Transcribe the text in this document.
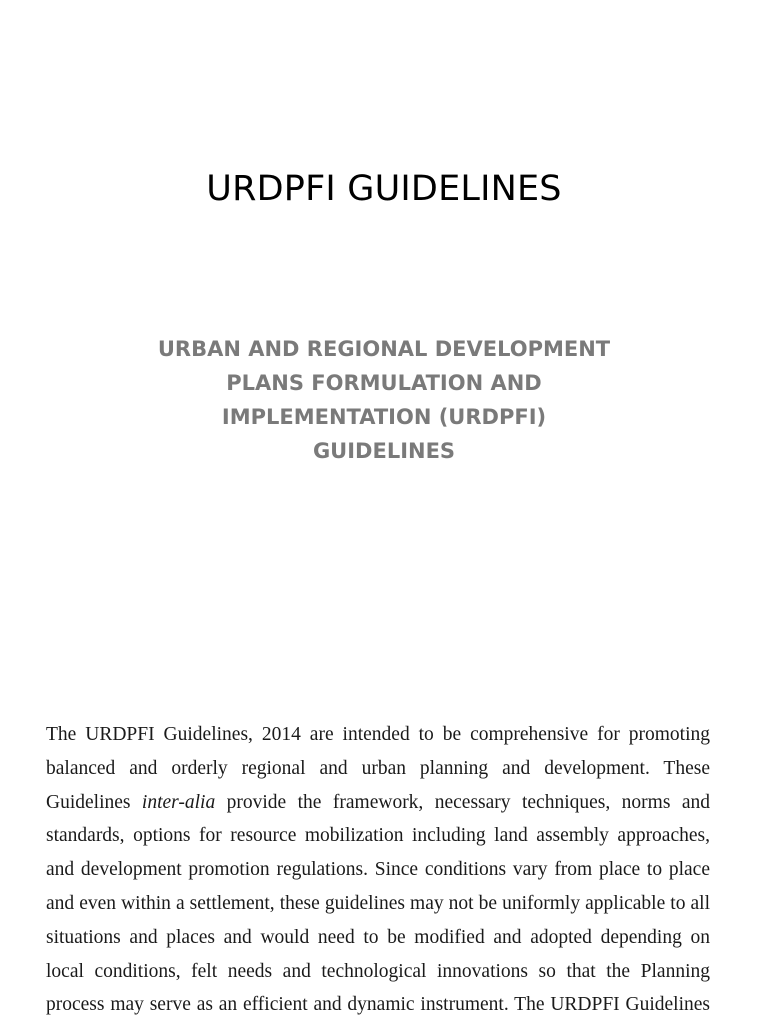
URDPFI GUIDELINES
URBAN AND REGIONAL DEVELOPMENT
PLANS FORMULATION AND
IMPLEMENTATION (URDPFI)
GUIDELINES
The URDPFI Guidelines, 2014 are intended to be comprehensive for promoting
balanced and orderly regional and urban planning and development. These
Guidelines inter-alia provide the framework, necessary techniques, norms and
standards, options for resource mobilization including land assembly approaches,
and development promotion regulations. Since conditions vary from place to place
and even within a settlement, these guidelines may not be uniformly applicable to all
situations and places and would need to be modified and adopted depending on
local conditions, felt needs and technological innovations so that the Planning
process may serve as an efficient and dynamic instrument. The URDPFI Guidelines
